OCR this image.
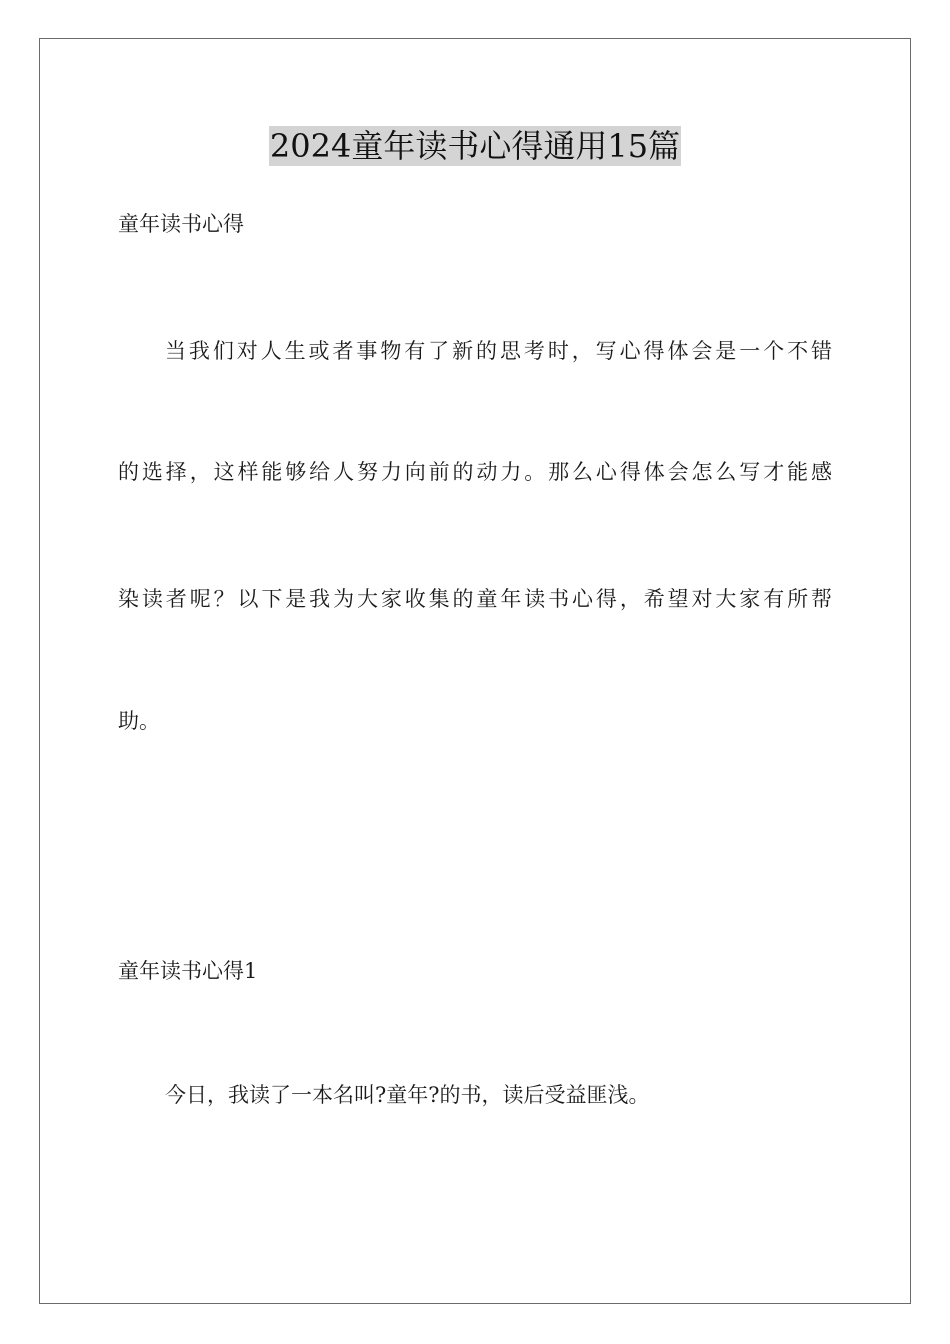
2024童年读书心得通用15篇
童年读书心得
当我们对人生或者事物有了新的思考时，写心得体会是一个不错
的选择，这样能够给人努力向前的动力。那么心得体会怎么写才能感
染读者呢？以下是我为大家收集的童年读书心得，希望对大家有所帮
助。
童年读书心得1
今日，我读了一本名叫?童年?的书，读后受益匪浅。
